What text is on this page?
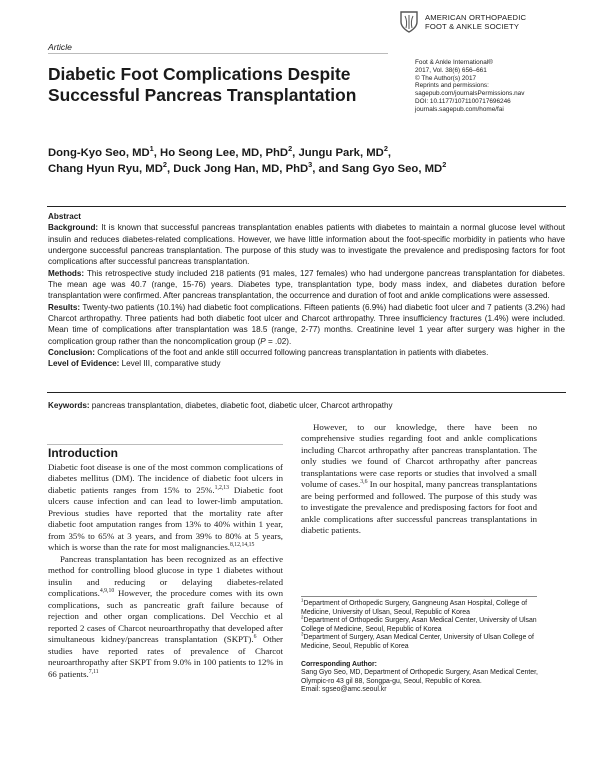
AMERICAN ORTHOPAEDIC
FOOT & ANKLE SOCIETY
Article
Diabetic Foot Complications Despite
Successful Pancreas Transplantation
Foot & Ankle International®
2017, Vol. 38(6) 656–661
© The Author(s) 2017
Reprints and permissions:
sagepub.com/journalsPermissions.nav
DOI: 10.1177/1071100717696246
journals.sagepub.com/home/fai
Dong-Kyo Seo, $MD^1$, Ho Seong Lee, MD, PhD$^2$, Jungu Park, $MD^2$,
Chang Hyun Ryu, $MD^2$, Duck Jong Han, MD, PhD$^3$, and Sang Gyo Seo, $MD^2$

Abstract

Background: It is known that successful pancreas transplantation enables patients with diabetes to maintain a normal glucose level without insulin and reduces diabetes-related complications. However, we have little information about the foot-specific morbidity in patients who have undergone successful pancreas transplantation. The purpose of this study was to investigate the prevalence and predisposing factors for foot complications after successful pancreas transplantation.

Methods: This retrospective study included 218 patients (91 males, 127 females) who had undergone pancreas transplantation for diabetes. The mean age was 40.7 (range, 15-76) years. Diabetes type, transplantation type, body mass index, and diabetes duration before transplantation were confirmed. After pancreas transplantation, the occurrence and duration of foot and ankle complications were assessed.

Results: Twenty-two patients (10.1%) had diabetic foot complications. Fifteen patients (6.9%) had diabetic foot ulcer and 7 patients (3.2%) had Charcot arthropathy. Three patients had both diabetic foot ulcer and Charcot arthropathy. Three insufficiency fractures (1.4%) were included. Mean time of complications after transplantation was 18.5 (range, 2-77) months. Creatinine level 1 year after surgery was higher in the complication group rather than the noncomplication group (P = .02).

Conclusion: Complications of the foot and ankle still occurred following pancreas transplantation in patients with diabetes.

Level of Evidence: Level III, comparative study

Keywords: pancreas transplantation, diabetes, diabetic foot, diabetic ulcer, Charcot arthropathy
Introduction

Diabetic foot disease is one of the most common complications of diabetes mellitus (DM). The incidence of diabetic foot ulcers in diabetic patients ranges from 15% to 25%.$^{1,2,13}$ Diabetic foot ulcers cause infection and can lead to lower-limb amputation. Previous studies have reported that the mortality rate after diabetic foot amputation ranges from 13% to 40% within 1 year, from 35% to 65% at 3 years, and from 39% to 80% at 5 years, which is worse than the rate for most malignancies.$^{8,12,14,15}$

Pancreas transplantation has been recognized as an effective method for controlling blood glucose in type 1 diabetes without insulin and reducing or delaying diabetes-related complications.$^{4,9,10}$ However, the procedure comes with its own complications, such as pancreatic graft failure because of rejection and other organ complications. Del Vecchio et al reported 2 cases of Charcot neuroarthropathy that developed after simultaneous kidney/pancreas transplantation (SKPT).$^6$ Other studies have reported rates of prevalence of Charcot neuroarthropathy after SKPT from 9.0% in 100 patients to 12% in 66 patients.$^{7,11}$

However, to our knowledge, there have been no comprehensive studies regarding foot and ankle complications including Charcot arthropathy after pancreas transplantation. The only studies we found of Charcot arthropathy after pancreas transplantations were case reports or studies that involved a small volume of cases.$^{3,6}$ In our hospital, many pancreas transplantations are being performed and followed. The purpose of this study was to investigate the prevalence and predisposing factors for foot and ankle complications after successful pancreas transplantations in diabetic patients.

$^1$Department of Orthopedic Surgery, Gangneung Asan Hospital, College of Medicine, University of Ulsan, Seoul, Republic of Korea

$^2$Department of Orthopedic Surgery, Asan Medical Center, University of Ulsan College of Medicine, Seoul, Republic of Korea

$^3$Department of Surgery, Asan Medical Center, University of Ulsan College of Medicine, Seoul, Republic of Korea

Corresponding Author:

Sang Gyo Seo, MD, Department of Orthopedic Surgery, Asan Medical Center, Olympic-ro 43 gil 88, Songpa-gu, Seoul, Republic of Korea.

Email: sgseo@amc.seoul.kr
